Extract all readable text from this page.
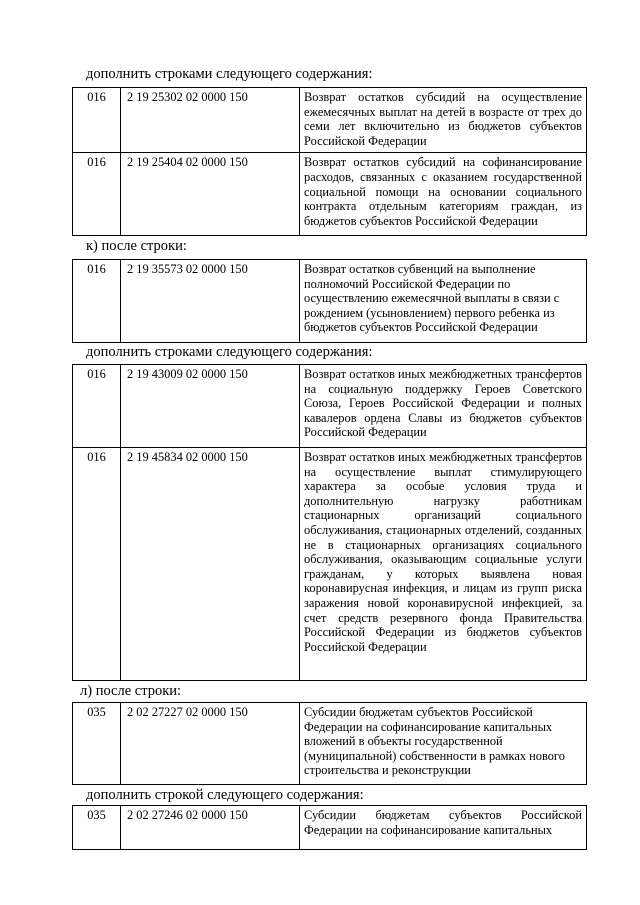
дополнить строками следующего содержания:
016	2 19 25302 02 0000 150	Возврат остатков субсидий на осуществление ежемесячных выплат на детей в возрасте от трех до семи лет включительно из бюджетов субъектов Российской Федерации
016	2 19 25404 02 0000 150	Возврат остатков субсидий на софинансирование расходов, связанных с оказанием государственной социальной помощи на основании социального контракта отдельным категориям граждан, из бюджетов субъектов Российской Федерации
к) после строки:
016	2 19 35573 02 0000 150	Возврат остатков субвенций на выполнение полномочий Российской Федерации по осуществлению ежемесячной выплаты в связи с рождением (усыновлением) первого ребенка из бюджетов субъектов Российской Федерации
дополнить строками следующего содержания:
016	2 19 43009 02 0000 150	Возврат остатков иных межбюджетных трансфертов на социальную поддержку Героев Советского Союза, Героев Российской Федерации и полных кавалеров ордена Славы из бюджетов субъектов Российской Федерации
016	2 19 45834 02 0000 150	Возврат остатков иных межбюджетных трансфертов на осуществление выплат стимулирующего характера за особые условия труда и дополнительную нагрузку работникам стационарных организаций социального обслуживания, стационарных отделений, созданных не в стационарных организациях социального обслуживания, оказывающим социальные услуги гражданам, у которых выявлена новая коронавирусная инфекция, и лицам из групп риска заражения новой коронавирусной инфекцией, за счет средств резервного фонда Правительства Российской Федерации из бюджетов субъектов Российской Федерации
л) после строки:
035	2 02 27227 02 0000 150	Субсидии бюджетам субъектов Российской Федерации на софинансирование капитальных вложений в объекты государственной (муниципальной) собственности в рамках нового строительства и реконструкции
дополнить строкой следующего содержания:
035	2 02 27246 02 0000 150	Субсидии бюджетам субъектов Российской Федерации на софинансирование капитальных
